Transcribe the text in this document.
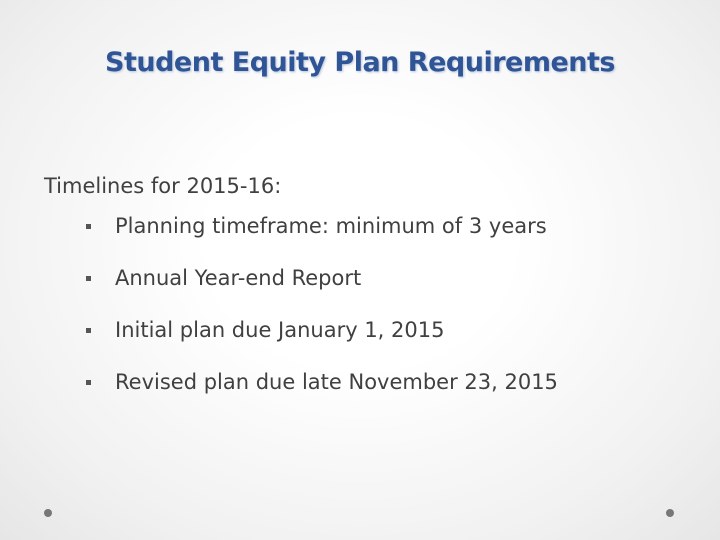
Student Equity Plan Requirements
Timelines for 2015-16:
Planning timeframe: minimum of 3 years
Annual Year-end Report
Initial plan due January 1, 2015
Revised plan due late November 23, 2015
